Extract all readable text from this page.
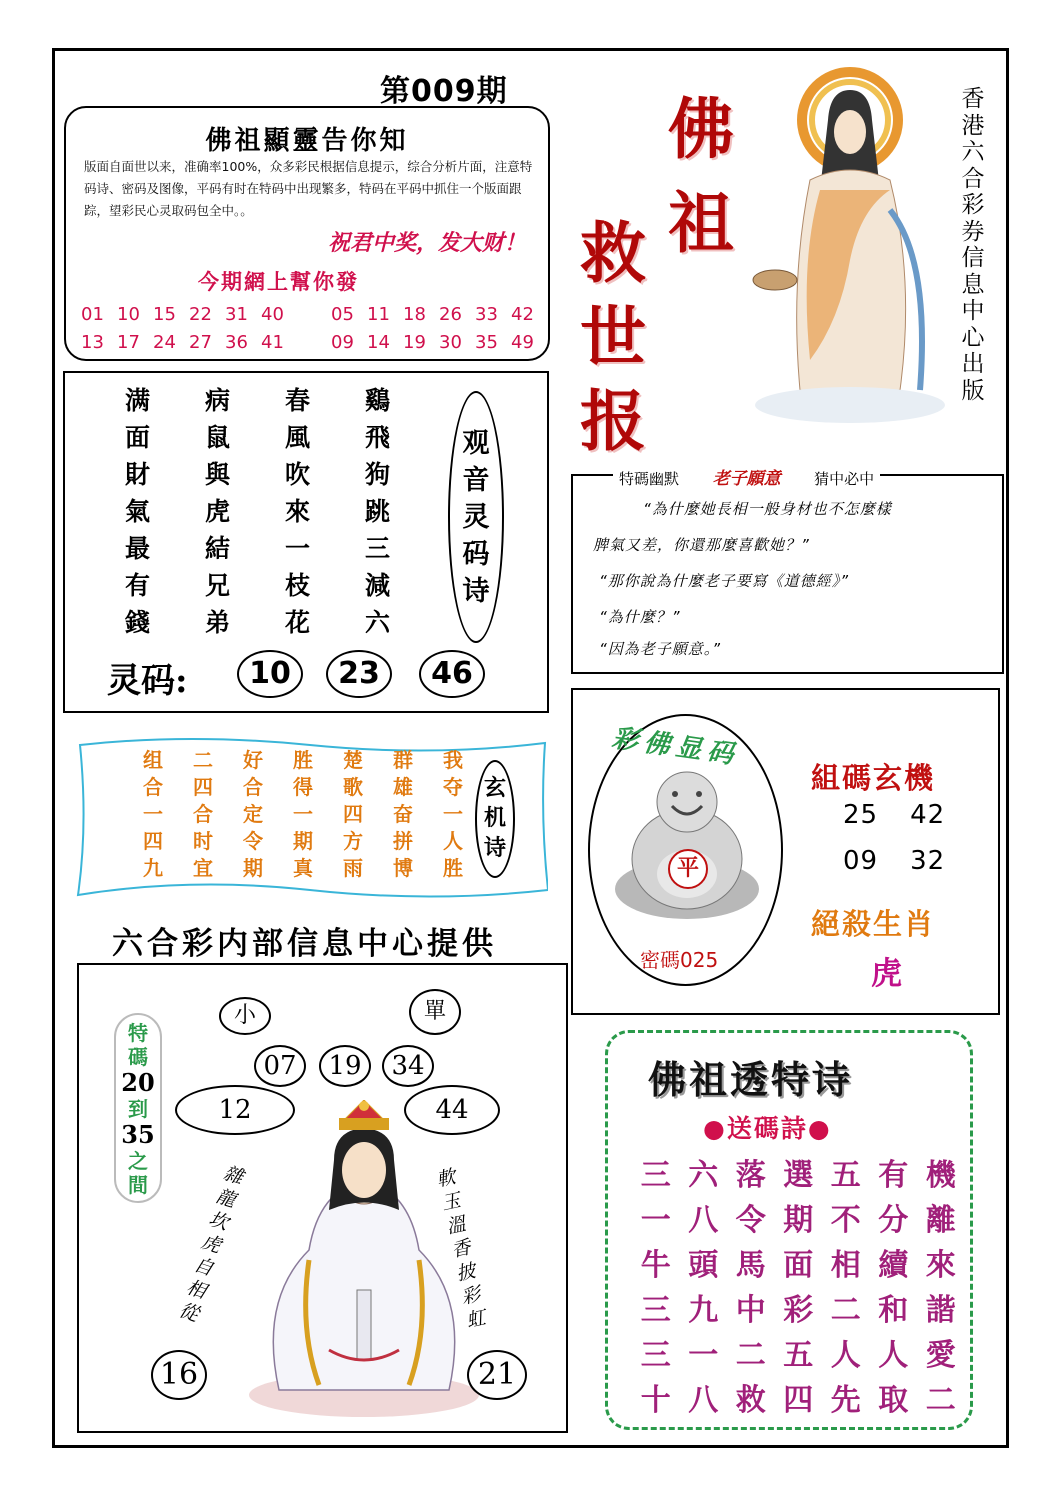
第009期
佛祖顯靈告你知
版面自面世以来，准确率100%，众多彩民根据信息提示，综合分析片面，注意特码诗、密码及图像，平码有时在特码中出现繁多，特码在平码中抓住一个版面跟踪，望彩民心灵取码包全中。。
祝君中奖，发大财！
今期網上幫你發
01 10 15 22 31 40	05 11 18 26 33 42
13 17 24 27 36 41	09 14 19 30 35 49
满	病	春	鷄
面	鼠	風	飛
財	與	吹	狗
氣	虎	來	跳
最	結	一	三
有	兄	枝	減
錢	弟	花	六
观
音
灵
码
诗
灵码:	10	23	46
组	二	好	胜	楚	群	我
合	四	合	得	歌	雄	夺
一	合	定	一	四	奋	一
四	时	令	期	方	拼	人
九	宜	期	真	雨	博	胜
玄
机
诗
六合彩内部信息中心提供
特
碼
20
到
35
之
間
小	單
07	19	34
12	44
雜
龍
坎
虎
自
相
從
軟
玉
溫
香
披
彩
虹
16	21
佛
祖
救
世
报
香
港
六
合
彩
券
信
息
中
心
出
版
特碼幽默 老子願意 猜中必中
“為什麼她長相一般身材也不怎麼樣
脾氣又差，你還那麼喜歡她？”
“那你說為什麼老子要寫《道德經》”
“為什麼？”
“因為老子願意。”
彩佛显码
平
密碼025
組碼玄機
25 42
09 32
絕殺生肖
虎
佛祖透特诗
●送碼詩●
三 六 落 選 五 有 機
一 八 令 期 不 分 離
牛 頭 馬 面 相 續 來
三 九 中 彩 二 和 諧
三 一 二 五 人 人 愛
十 八 救 四 先 取 二
